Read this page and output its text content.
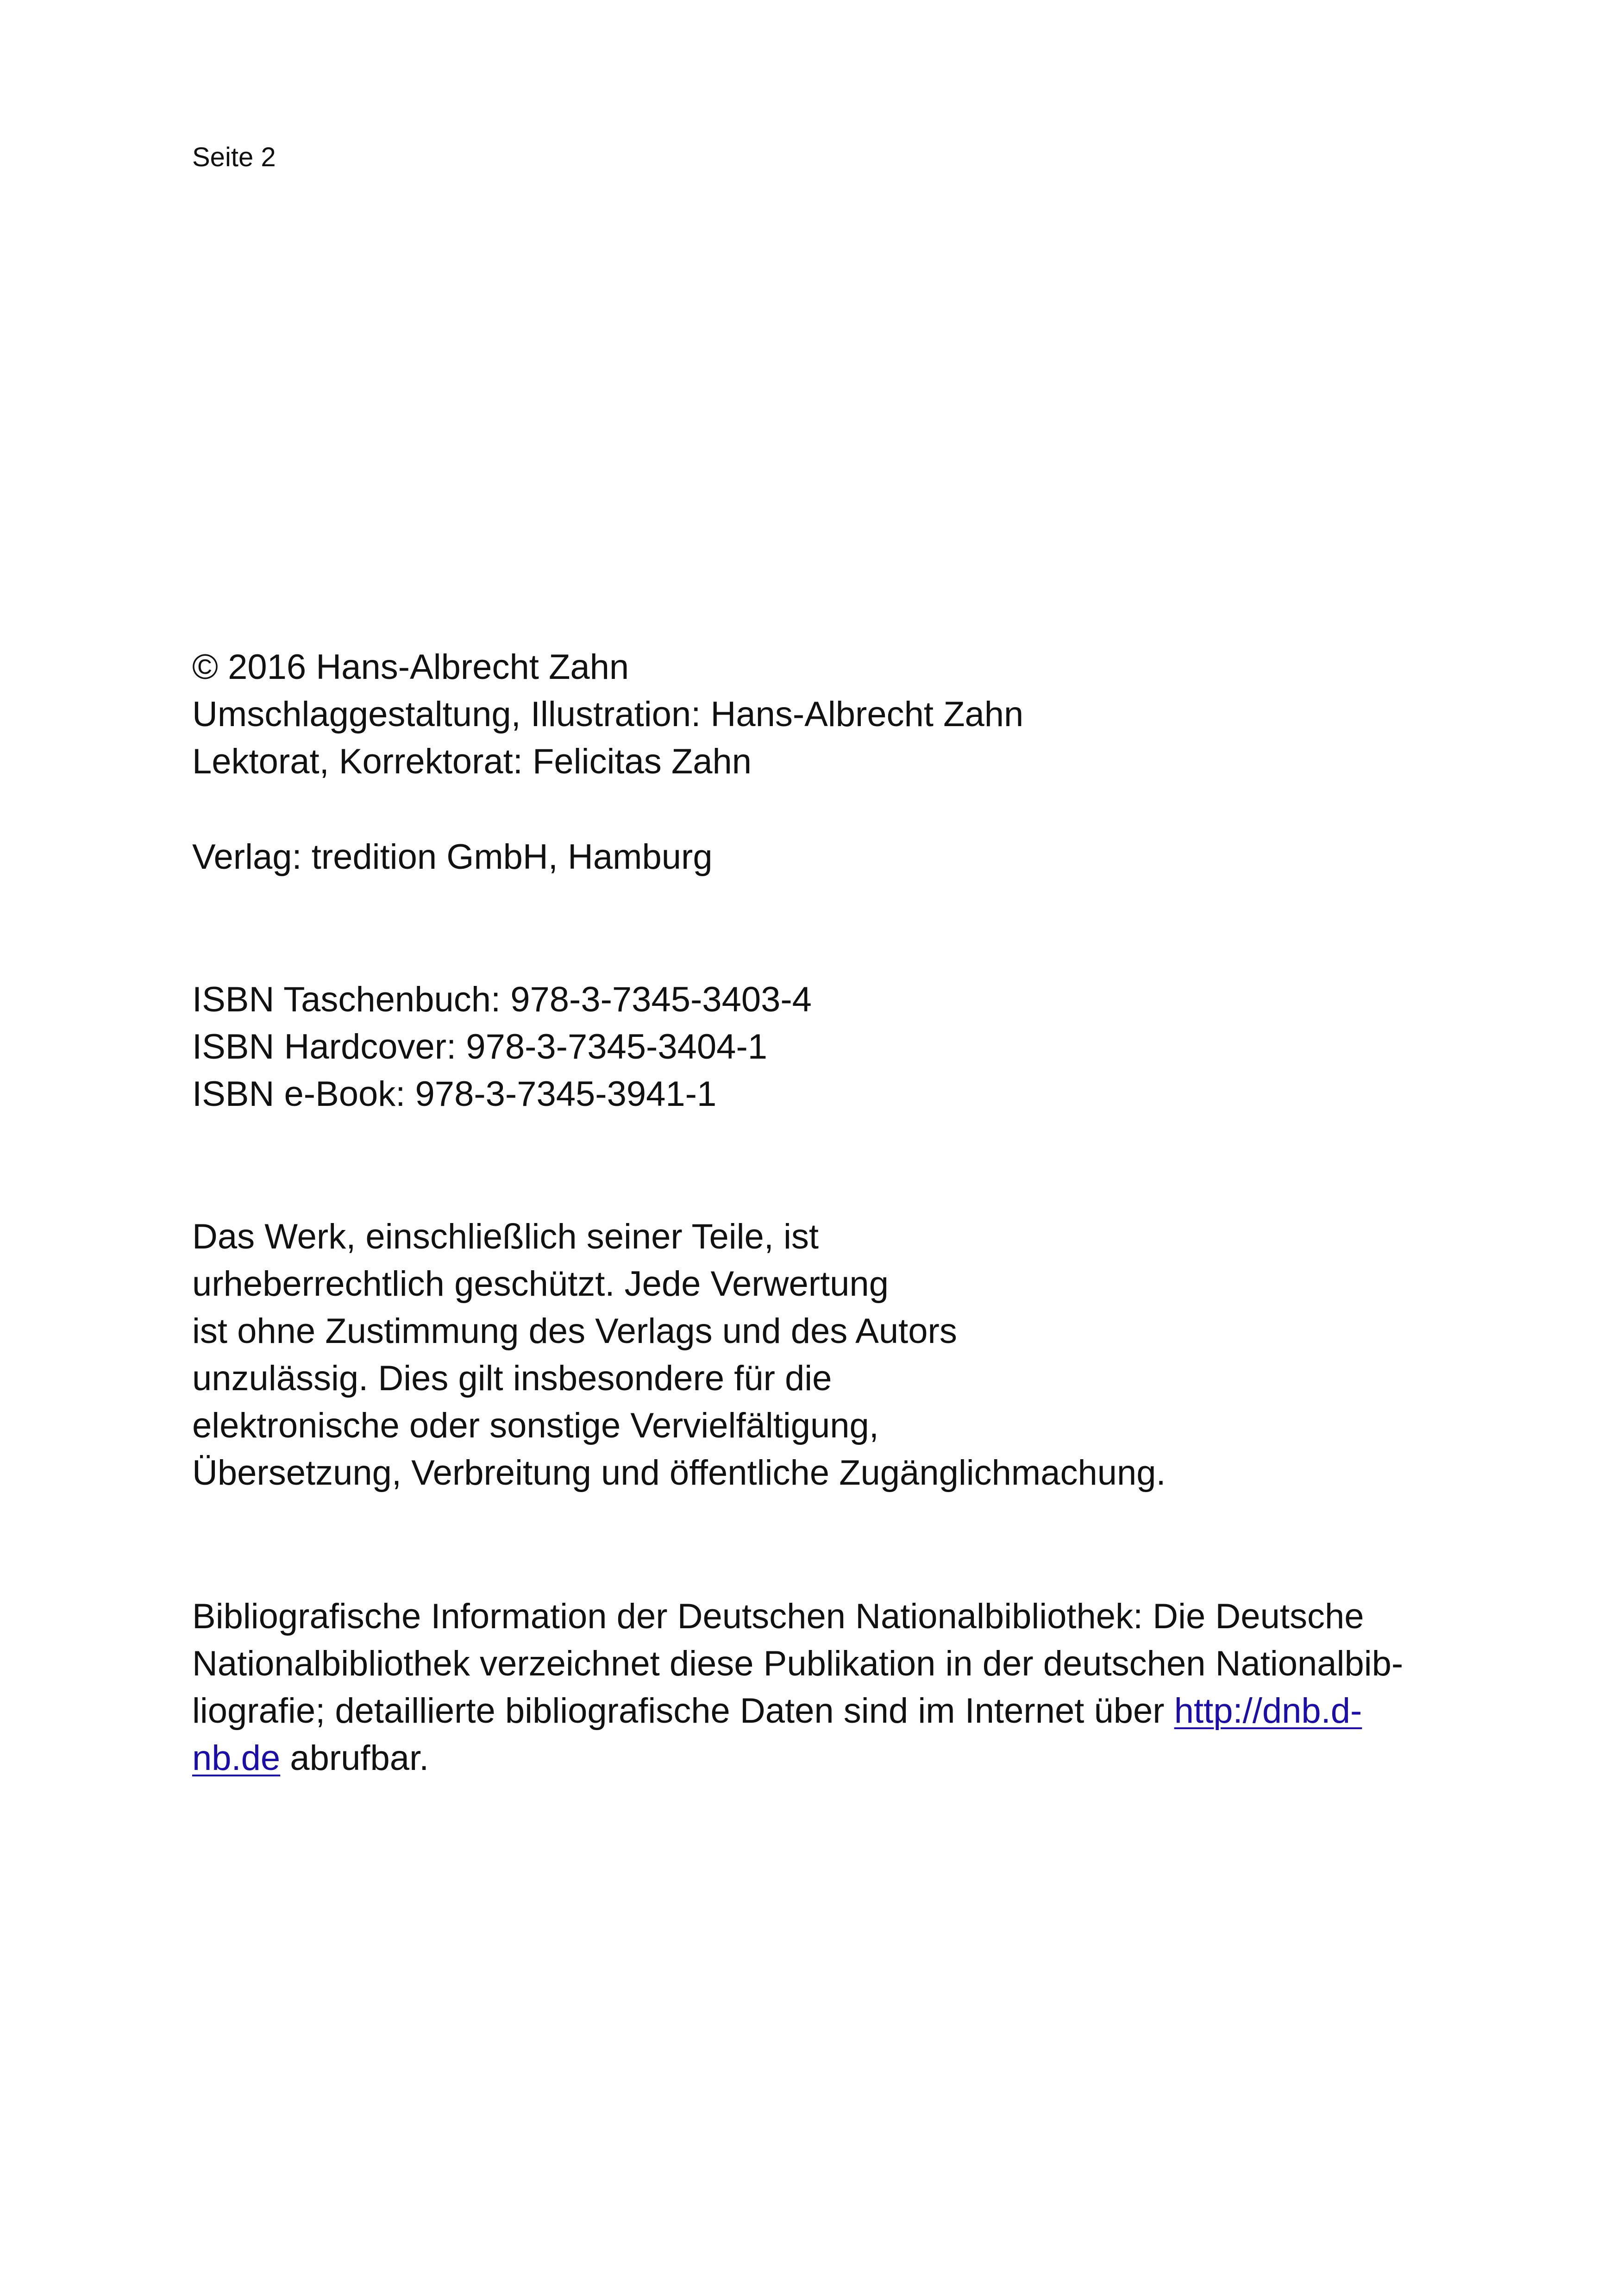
Seite 2
© 2016 Hans-Albrecht Zahn
Umschlaggestaltung, Illustration: Hans-Albrecht Zahn
Lektorat, Korrektorat: Felicitas Zahn
Verlag: tredition GmbH, Hamburg
ISBN Taschenbuch: 978-3-7345-3403-4
ISBN Hardcover: 978-3-7345-3404-1
ISBN e-Book: 978-3-7345-3941-1
Das Werk, einschließlich seiner Teile, ist
urheberrechtlich geschützt. Jede Verwertung
ist ohne Zustimmung des Verlags und des Autors
unzulässig. Dies gilt insbesondere für die
elektronische oder sonstige Vervielfältigung,
Übersetzung, Verbreitung und öffentliche Zugänglichmachung.
Bibliografische Information der Deutschen Nationalbibliothek: Die Deutsche
Nationalbibliothek verzeichnet diese Publikation in der deutschen Nationalbib-
liografie; detaillierte bibliografische Daten sind im Internet über http://dnb.d-
nb.de abrufbar.
